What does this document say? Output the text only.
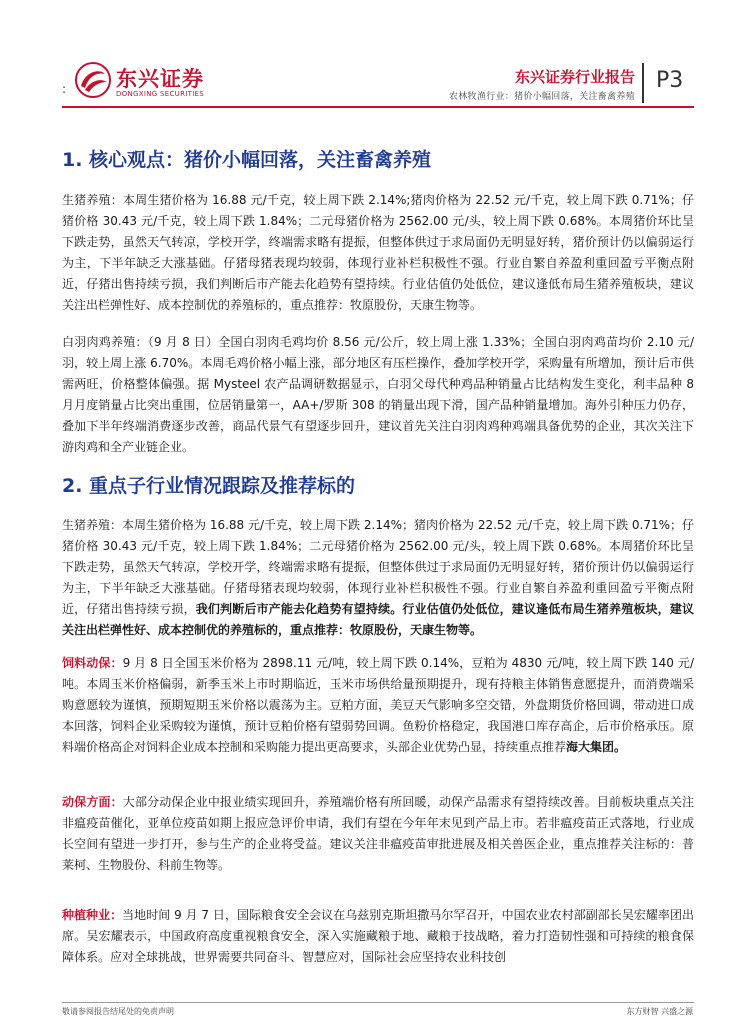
: 东兴证券
DONGXING SECURITIES
东兴证券行业报告
农林牧渔行业：猪价小幅回落，关注畜禽养殖
P3
1. 核心观点：猪价小幅回落，关注畜禽养殖

生猪养殖：本周生猪价格为 16.88 元/千克，较上周下跌 2.14%;猪肉价格为 22.52 元/千克，较上周下跌 0.71%；仔猪价格 30.43 元/千克，较上周下跌 1.84%；二元母猪价格为 2562.00 元/头，较上周下跌 0.68%。本周猪价环比呈下跌走势，虽然天气转凉，学校开学，终端需求略有提振，但整体供过于求局面仍无明显好转，猪价预计仍以偏弱运行为主，下半年缺乏大涨基础。仔猪母猪表现均较弱，体现行业补栏积极性不强。行业自繁自养盈利重回盈亏平衡点附近，仔猪出售持续亏损，我们判断后市产能去化趋势有望持续。行业估值仍处低位，建议逢低布局生猪养殖板块，建议关注出栏弹性好、成本控制优的养殖标的，重点推荐：牧原股份，天康生物等。

白羽肉鸡养殖：（9 月 8 日）全国白羽肉毛鸡均价 8.56 元/公斤，较上周上涨 1.33%；全国白羽肉鸡苗均价 2.10 元/羽，较上周上涨 6.70%。本周毛鸡价格小幅上涨，部分地区有压栏操作，叠加学校开学，采购量有所增加，预计后市供需两旺，价格整体偏强。据 Mysteel 农产品调研数据显示，白羽父母代种鸡品种销量占比结构发生变化，利丰品种 8 月月度销量占比突出重围，位居销量第一，AA+/罗斯 308 的销量出现下滑，国产品种销量增加。海外引种压力仍存，叠加下半年终端消费逐步改善，商品代景气有望逐步回升，建议首先关注白羽肉鸡种鸡端具备优势的企业，其次关注下游肉鸡和全产业链企业。

2. 重点子行业情况跟踪及推荐标的

生猪养殖：本周生猪价格为 16.88 元/千克，较上周下跌 2.14%；猪肉价格为 22.52 元/千克，较上周下跌 0.71%；仔猪价格 30.43 元/千克，较上周下跌 1.84%；二元母猪价格为 2562.00 元/头，较上周下跌 0.68%。本周猪价环比呈下跌走势，虽然天气转凉，学校开学，终端需求略有提振，但整体供过于求局面仍无明显好转，猪价预计仍以偏弱运行为主，下半年缺乏大涨基础。仔猪母猪表现均较弱，体现行业补栏积极性不强。行业自繁自养盈利重回盈亏平衡点附近，仔猪出售持续亏损，我们判断后市产能去化趋势有望持续。行业估值仍处低位，建议逢低布局生猪养殖板块，建议关注出栏弹性好、成本控制优的养殖标的，重点推荐：牧原股份，天康生物等。

饲料动保：9 月 8 日全国玉米价格为 2898.11 元/吨，较上周下跌 0.14%，豆粕为 4830 元/吨，较上周下跌 140 元/吨。本周玉米价格偏弱，新季玉米上市时期临近，玉米市场供给量预期提升，现有持粮主体销售意愿提升，而消费端采购意愿较为谨慎，预期短期玉米价格以震荡为主。豆粕方面，美豆天气影响多空交错，外盘期货价格回调，带动进口成本回落，饲料企业采购较为谨慎，预计豆粕价格有望弱势回调。鱼粉价格稳定，我国港口库存高企，后市价格承压。原料端价格高企对饲料企业成本控制和采购能力提出更高要求，头部企业优势凸显，持续重点推荐海大集团。

动保方面：大部分动保企业中报业绩实现回升，养殖端价格有所回暖，动保产品需求有望持续改善。目前板块重点关注非瘟疫苗催化，亚单位疫苗如期上报应急评价申请，我们有望在今年年末见到产品上市。若非瘟疫苗正式落地，行业成长空间有望进一步打开，参与生产的企业将受益。建议关注非瘟疫苗审批进展及相关兽医企业，重点推荐关注标的：普莱柯、生物股份、科前生物等。

种植种业：当地时间 9 月 7 日，国际粮食安全会议在乌兹别克斯坦撒马尔罕召开，中国农业农村部副部长吴宏耀率团出席。吴宏耀表示，中国政府高度重视粮食安全，深入实施藏粮于地、藏粮于技战略，着力打造韧性强和可持续的粮食保障体系。应对全球挑战，世界需要共同奋斗、智慧应对，国际社会应坚持农业科技创

敬请参阅报告结尾处的免责声明	东方财智 兴盛之源
